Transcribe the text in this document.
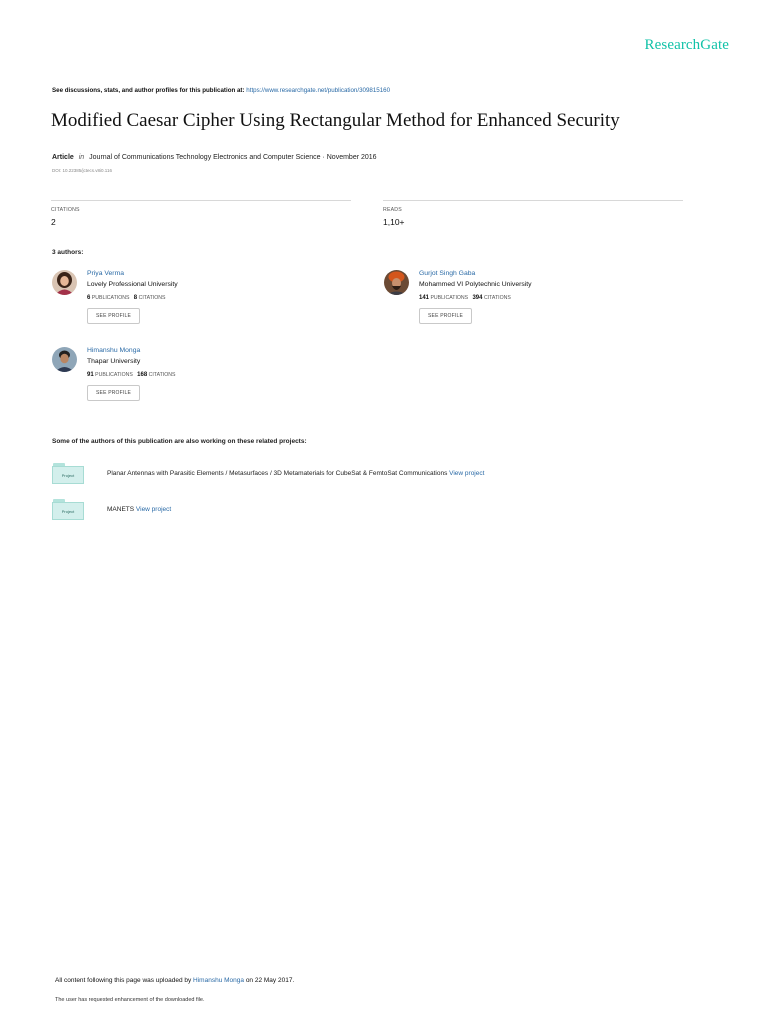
ResearchGate
See discussions, stats, and author profiles for this publication at: https://www.researchgate.net/publication/309815160
Modified Caesar Cipher Using Rectangular Method for Enhanced Security
Article in Journal of Communications Technology Electronics and Computer Science · November 2016
DOI: 10.22385/jctecs.v8i0.116
CITATIONS
2
READS
1,10+
3 authors:
Priya Verma
Lovely Professional University
6 PUBLICATIONS 8 CITATIONS
SEE PROFILE
Gurjot Singh Gaba
Mohammed VI Polytechnic University
141 PUBLICATIONS 394 CITATIONS
SEE PROFILE
Himanshu Monga
Thapar University
91 PUBLICATIONS 168 CITATIONS
SEE PROFILE
Some of the authors of this publication are also working on these related projects:
Project	Planar Antennas with Parasitic Elements / Metasurfaces / 3D Metamaterials for CubeSat & FemtoSat Communications View project
Project	MANETS View project
All content following this page was uploaded by Himanshu Monga on 22 May 2017.
The user has requested enhancement of the downloaded file.
